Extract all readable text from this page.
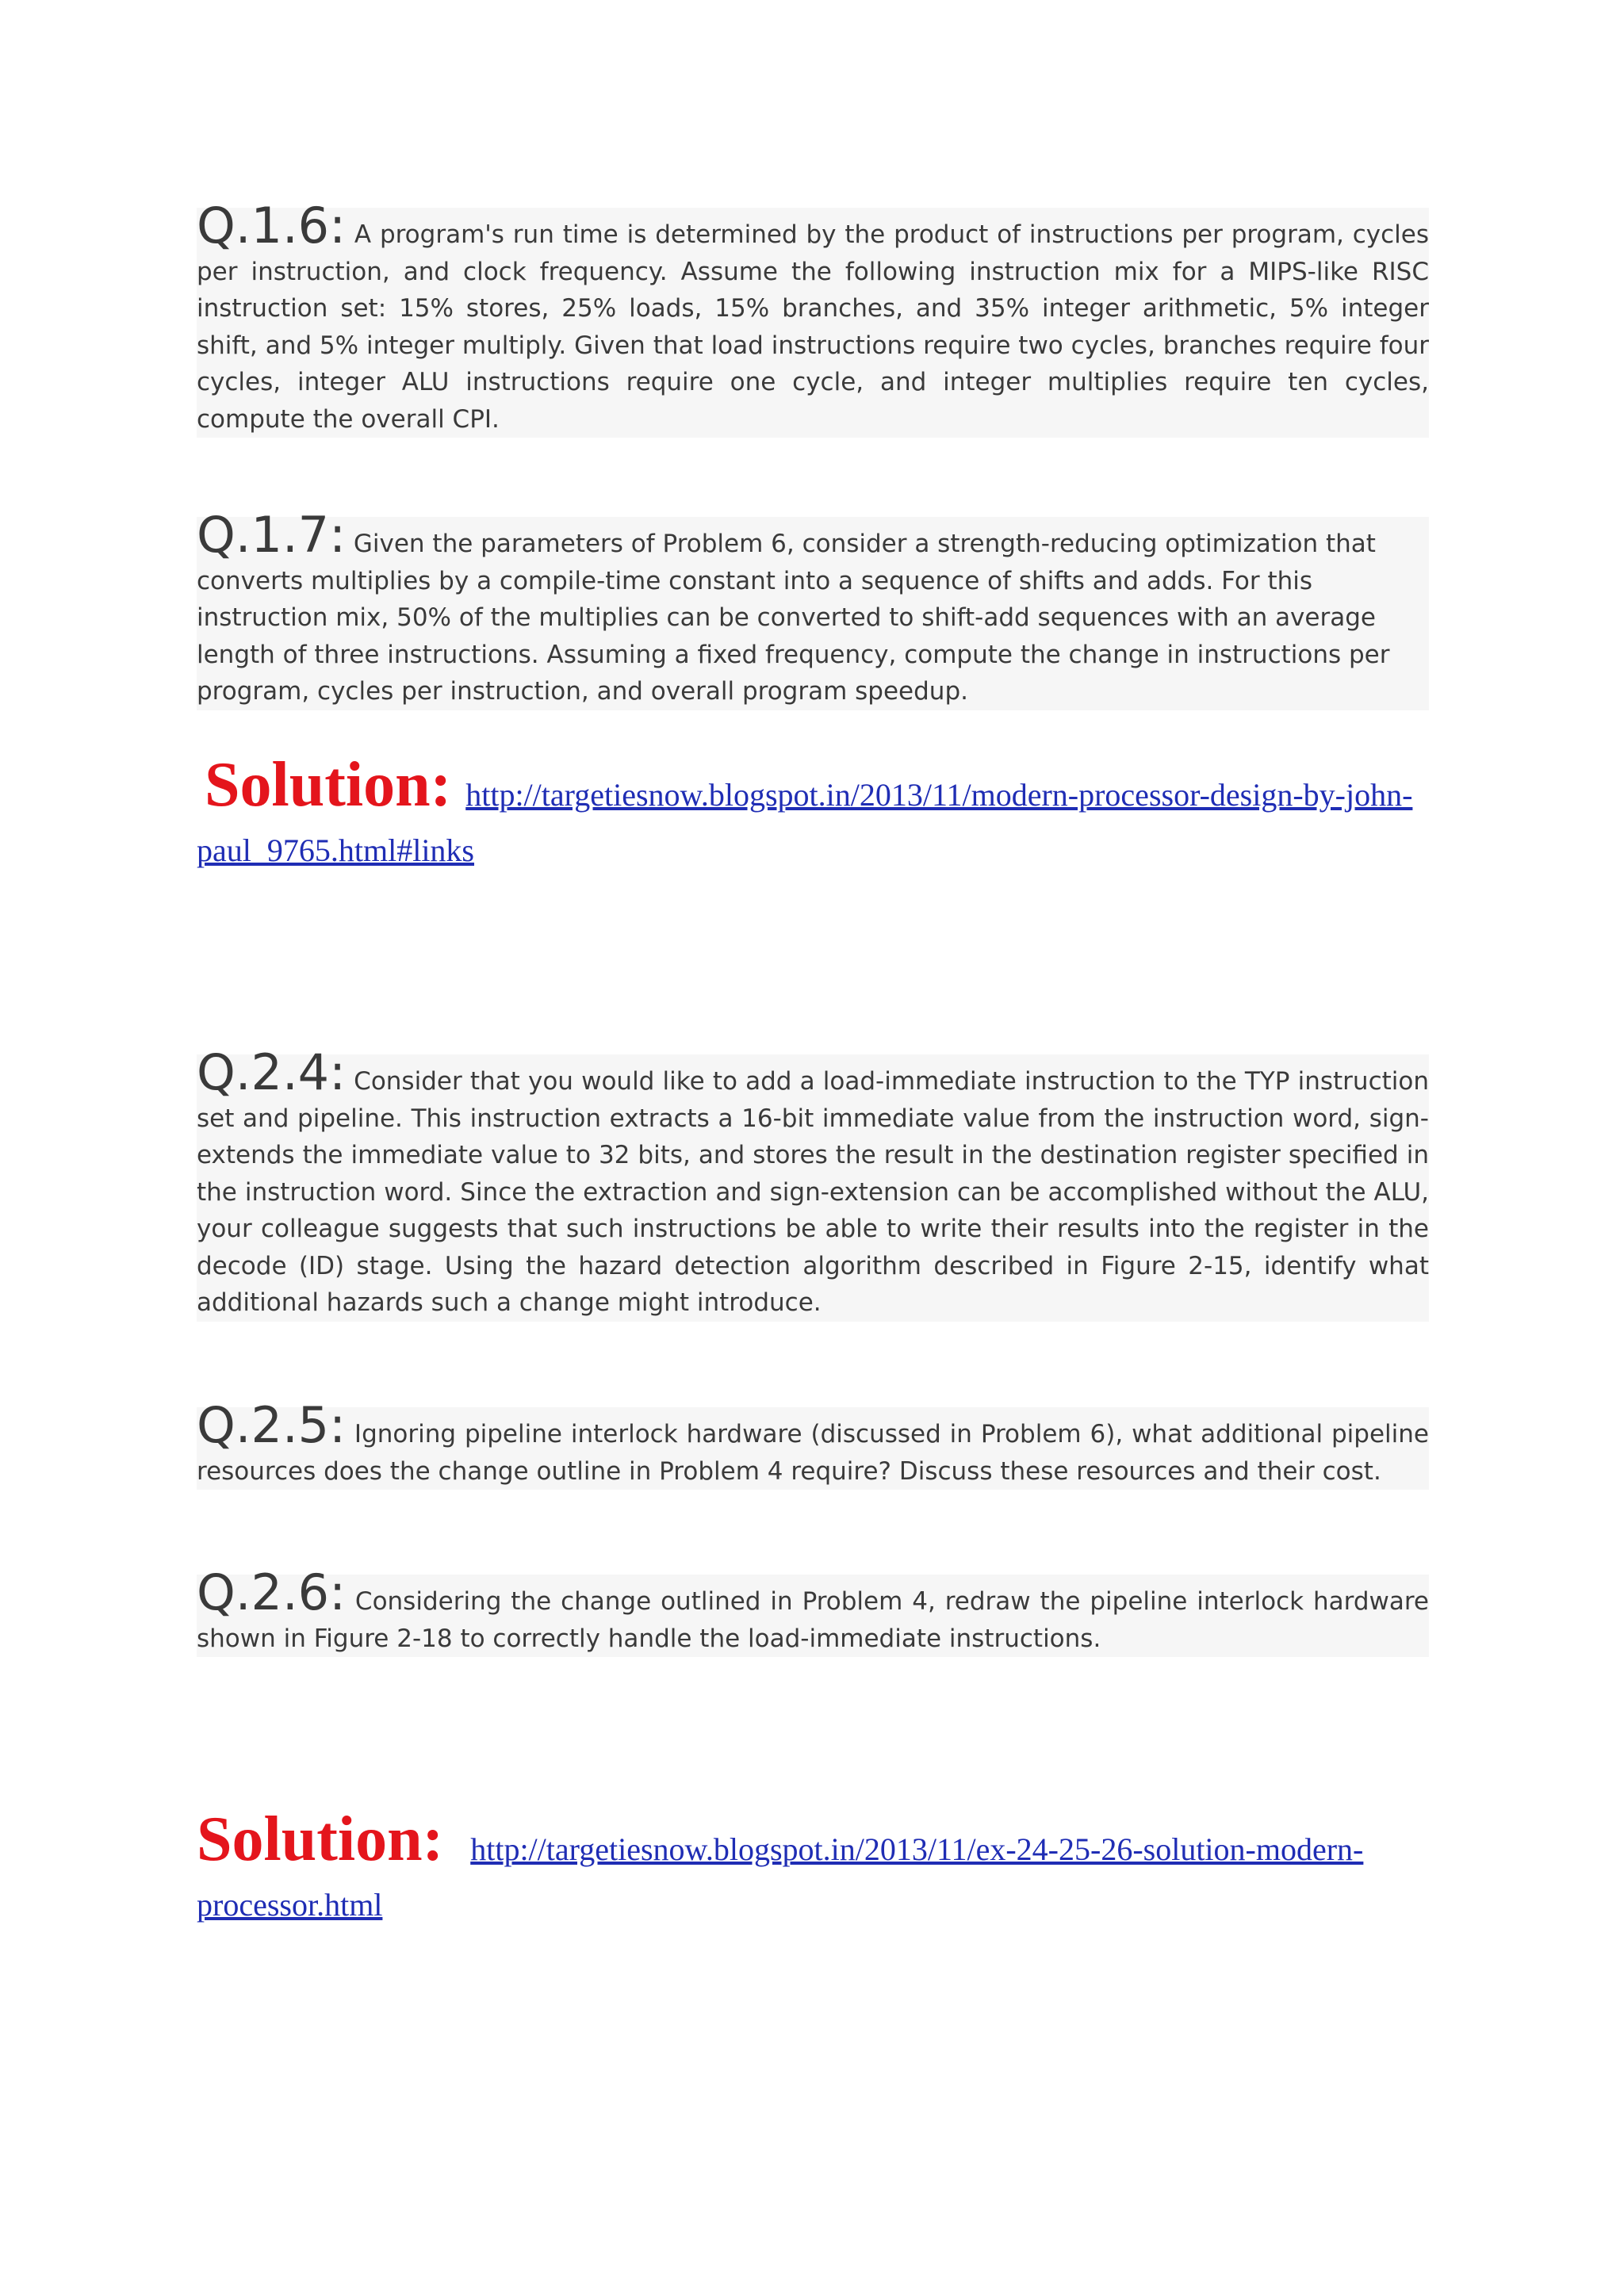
Q.1.6: A program's run time is determined by the product of instructions per program, cycles per instruction, and clock frequency. Assume the following instruction mix for a MIPS-like RISC instruction set: 15% stores, 25% loads, 15% branches, and 35% integer arithmetic, 5% integer shift, and 5% integer multiply. Given that load instructions require two cycles, branches require four cycles, integer ALU instructions require one cycle, and integer multiplies require ten cycles, compute the overall CPI.

Q.1.7: Given the parameters of Problem 6, consider a strength-reducing optimization that converts multiplies by a compile-time constant into a sequence of shifts and adds. For this instruction mix, 50% of the multiplies can be converted to shift-add sequences with an average length of three instructions. Assuming a fixed frequency, compute the change in instructions per program, cycles per instruction, and overall program speedup.

Solution: http://targetiesnow.blogspot.in/2013/11/modern-processor-design-by-john-paul_9765.html#links

Q.2.4: Consider that you would like to add a load-immediate instruction to the TYP instruction set and pipeline. This instruction extracts a 16-bit immediate value from the instruction word, sign-extends the immediate value to 32 bits, and stores the result in the destination register specified in the instruction word. Since the extraction and sign-extension can be accomplished without the ALU, your colleague suggests that such instructions be able to write their results into the register in the decode (ID) stage. Using the hazard detection algorithm described in Figure 2-15, identify what additional hazards such a change might introduce.

Q.2.5: Ignoring pipeline interlock hardware (discussed in Problem 6), what additional pipeline resources does the change outline in Problem 4 require? Discuss these resources and their cost.

Q.2.6: Considering the change outlined in Problem 4, redraw the pipeline interlock hardware shown in Figure 2-18 to correctly handle the load-immediate instructions.

Solution: http://targetiesnow.blogspot.in/2013/11/ex-24-25-26-solution-modern-processor.html
